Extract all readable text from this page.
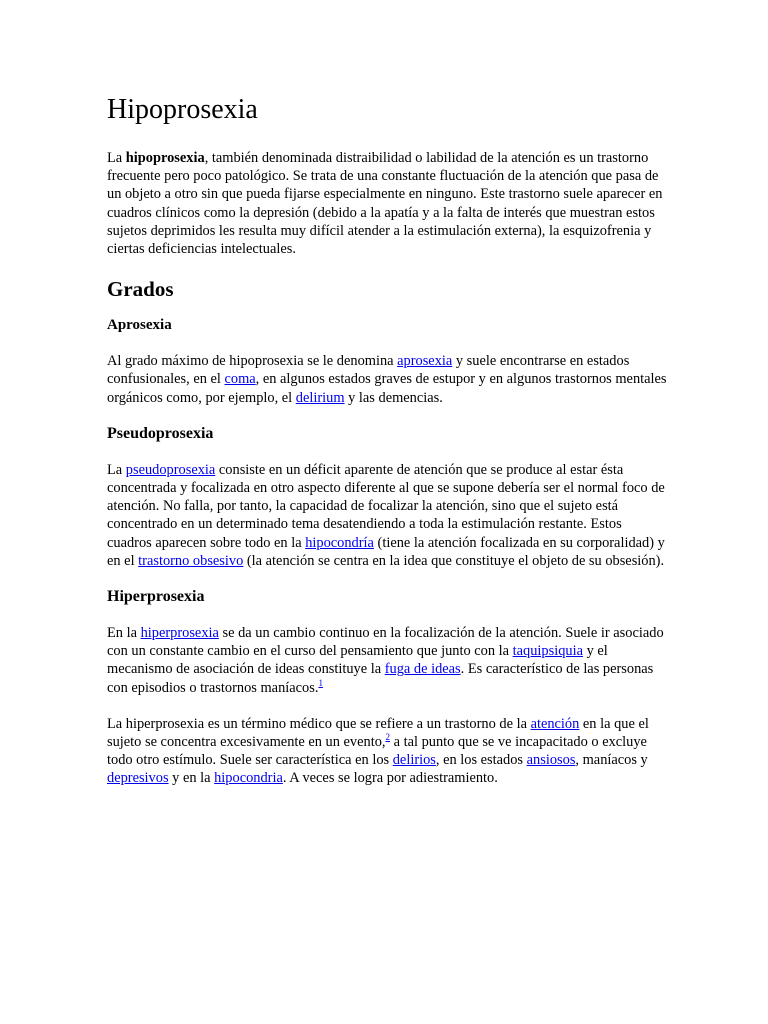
Hipoprosexia

La hipoprosexia, también denominada distraibilidad o labilidad de la atención es un trastorno frecuente pero poco patológico. Se trata de una constante fluctuación de la atención que pasa de un objeto a otro sin que pueda fijarse especialmente en ninguno. Este trastorno suele aparecer en cuadros clínicos como la depresión (debido a la apatía y a la falta de interés que muestran estos sujetos deprimidos les resulta muy difícil atender a la estimulación externa), la esquizofrenia y ciertas deficiencias intelectuales.

Grados
Aprosexia

Al grado máximo de hipoprosexia se le denomina aprosexia y suele encontrarse en estados confusionales, en el coma, en algunos estados graves de estupor y en algunos trastornos mentales orgánicos como, por ejemplo, el delirium y las demencias.

Pseudoprosexia

La pseudoprosexia consiste en un déficit aparente de atención que se produce al estar ésta concentrada y focalizada en otro aspecto diferente al que se supone debería ser el normal foco de atención. No falla, por tanto, la capacidad de focalizar la atención, sino que el sujeto está concentrado en un determinado tema desatendiendo a toda la estimulación restante. Estos cuadros aparecen sobre todo en la hipocondría (tiene la atención focalizada en su corporalidad) y en el trastorno obsesivo (la atención se centra en la idea que constituye el objeto de su obsesión).

Hiperprosexia

En la hiperprosexia se da un cambio continuo en la focalización de la atención. Suele ir asociado con un constante cambio en el curso del pensamiento que junto con la taquipsiquia y el mecanismo de asociación de ideas constituye la fuga de ideas. Es característico de las personas con episodios o trastornos maníacos.$^1$

La hiperprosexia es un término médico que se refiere a un trastorno de la atención en la que el sujeto se concentra excesivamente en un evento,$^2$ a tal punto que se ve incapacitado o excluye todo otro estímulo. Suele ser característica en los delirios, en los estados ansiosos, maníacos y depresivos y en la hipocondria. A veces se logra por adiestramiento.
